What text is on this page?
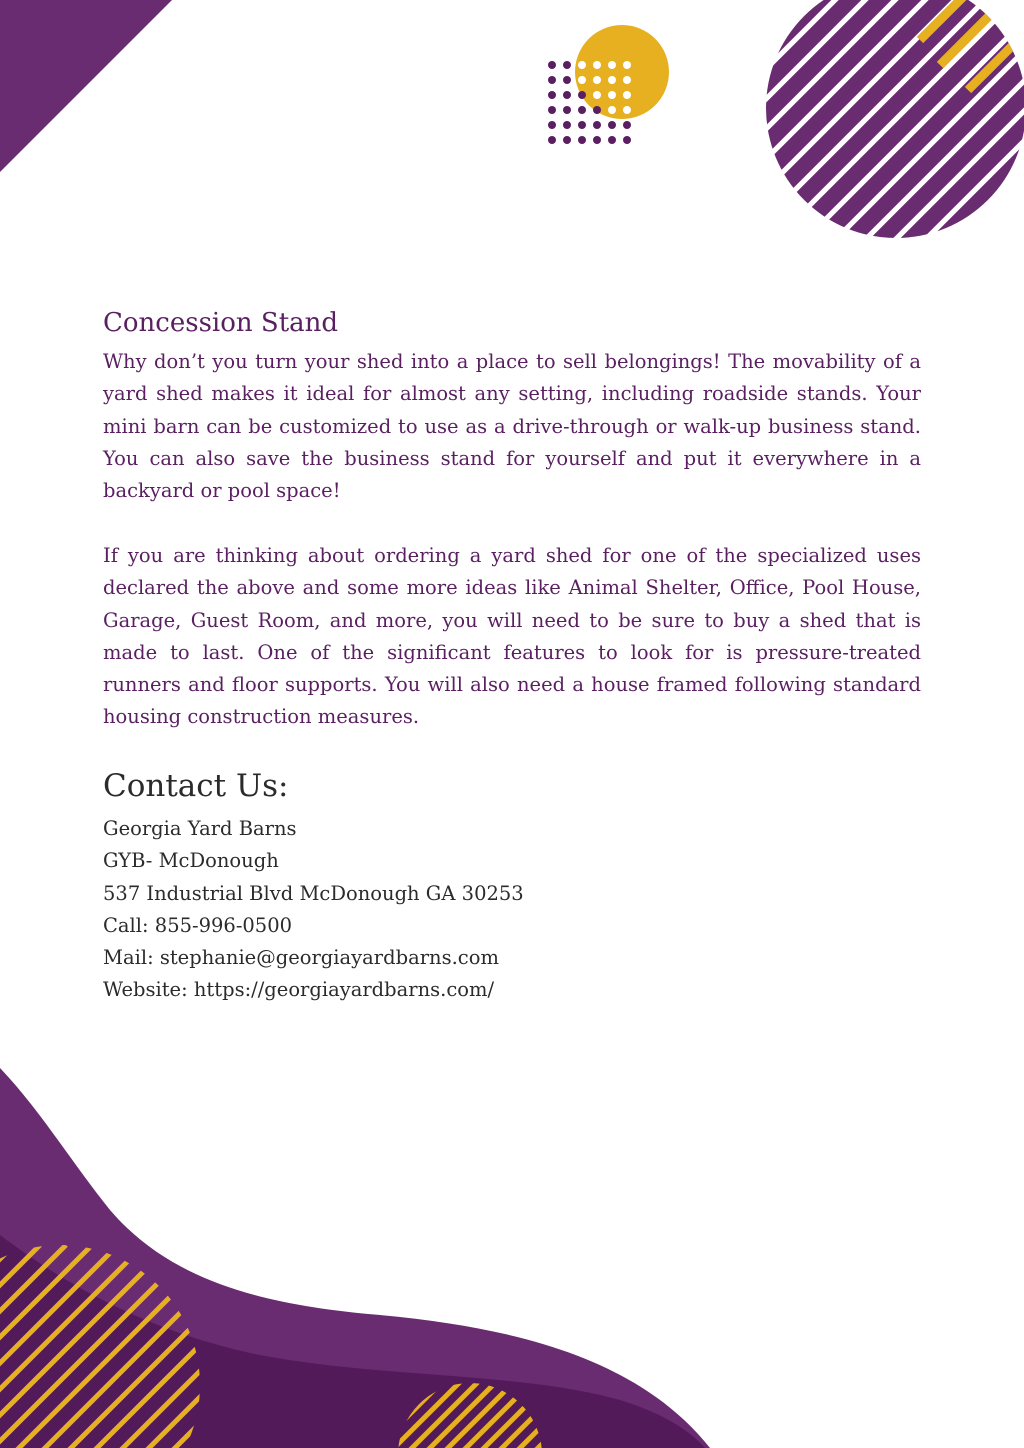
Concession Stand

Why don’t you turn your shed into a place to sell belongings! The movability of a yard shed makes it ideal for almost any setting, including roadside stands. Your mini barn can be customized to use as a drive-through or walk-up business stand. You can also save the business stand for yourself and put it everywhere in a backyard or pool space!

If you are thinking about ordering a yard shed for one of the specialized uses declared the above and some more ideas like Animal Shelter, Office, Pool House, Garage, Guest Room, and more, you will need to be sure to buy a shed that is made to last. One of the significant features to look for is pressure-treated runners and floor supports. You will also need a house framed following standard housing construction measures.

Contact Us:
Georgia Yard Barns
GYB- McDonough
537 Industrial Blvd McDonough GA 30253
Call: 855-996-0500
Mail: stephanie@georgiayardbarns.com
Website: https://georgiayardbarns.com/
